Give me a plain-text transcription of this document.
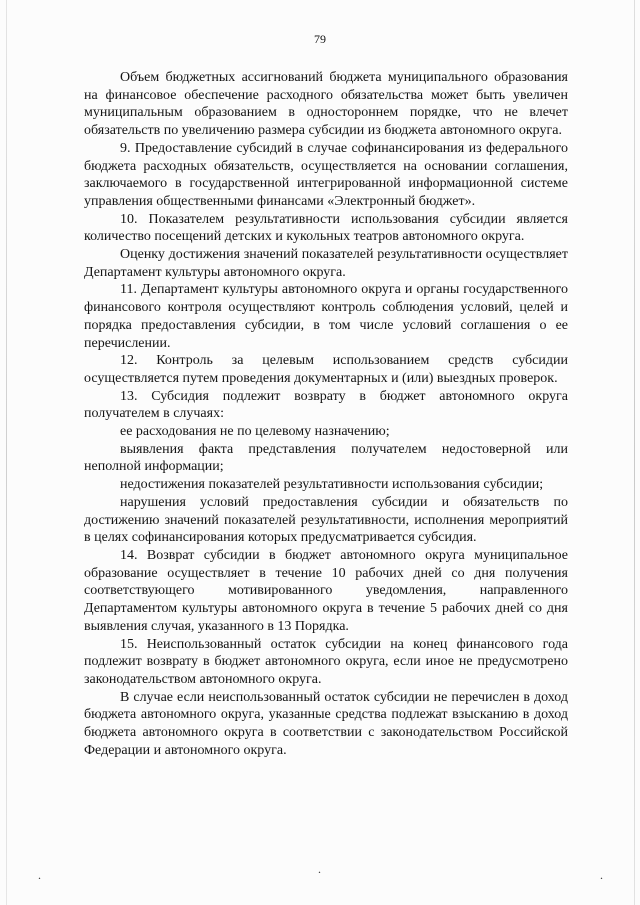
79

Объем бюджетных ассигнований бюджета муниципального образования на финансовое обеспечение расходного обязательства может быть увеличен муниципальным образованием в одностороннем порядке, что не влечет обязательств по увеличению размера субсидии из бюджета автономного округа.

9. Предоставление субсидий в случае софинансирования из федерального бюджета расходных обязательств, осуществляется на основании соглашения, заключаемого в государственной интегрированной информационной системе управления общественными финансами «Электронный бюджет».

10. Показателем результативности использования субсидии является количество посещений детских и кукольных театров автономного округа.

Оценку достижения значений показателей результативности осуществляет Департамент культуры автономного округа.

11. Департамент культуры автономного округа и органы государственного финансового контроля осуществляют контроль соблюдения условий, целей и порядка предоставления субсидии, в том числе условий соглашения о ее перечислении.

12. Контроль за целевым использованием средств субсидии осуществляется путем проведения документарных и (или) выездных проверок.

13. Субсидия подлежит возврату в бюджет автономного округа получателем в случаях:

ее расходования не по целевому назначению;

выявления факта представления получателем недостоверной или неполной информации;

недостижения показателей результативности использования субсидии;

нарушения условий предоставления субсидии и обязательств по достижению значений показателей результативности, исполнения мероприятий в целях софинансирования которых предусматривается субсидия.

14. Возврат субсидии в бюджет автономного округа муниципальное образование осуществляет в течение 10 рабочих дней со дня получения соответствующего мотивированного уведомления, направленного Департаментом культуры автономного округа в течение 5 рабочих дней со дня выявления случая, указанного в 13 Порядка.

15. Неиспользованный остаток субсидии на конец финансового года подлежит возврату в бюджет автономного округа, если иное не предусмотрено законодательством автономного округа.

В случае если неиспользованный остаток субсидии не перечислен в доход бюджета автономного округа, указанные средства подлежат взысканию в доход бюджета автономного округа в соответствии с законодательством Российской Федерации и автономного округа.

.	.	.
